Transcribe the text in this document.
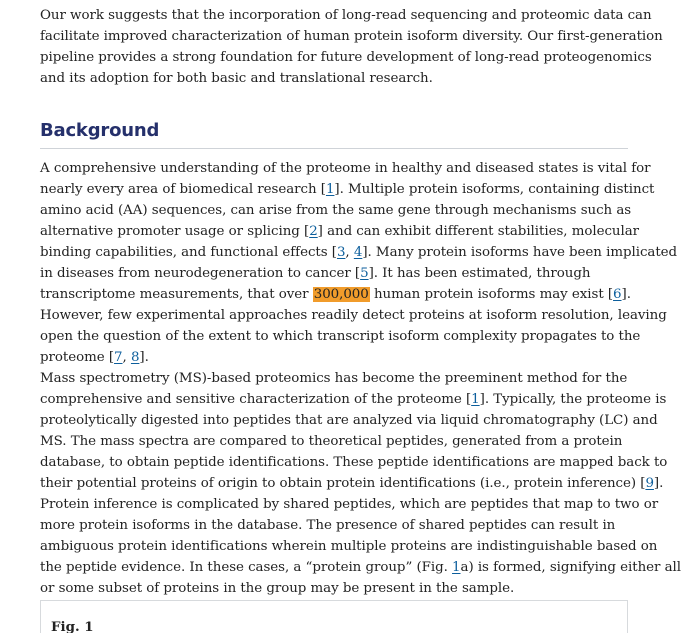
Our work suggests that the incorporation of long-read sequencing and proteomic data can
facilitate improved characterization of human protein isoform diversity. Our first-generation
pipeline provides a strong foundation for future development of long-read proteogenomics
and its adoption for both basic and translational research.

Background

A comprehensive understanding of the proteome in healthy and diseased states is vital for
nearly every area of biomedical research [1]. Multiple protein isoforms, containing distinct
amino acid (AA) sequences, can arise from the same gene through mechanisms such as
alternative promoter usage or splicing [2] and can exhibit different stabilities, molecular
binding capabilities, and functional effects [3, 4]. Many protein isoforms have been implicated
in diseases from neurodegeneration to cancer [5]. It has been estimated, through
transcriptome measurements, that over 300,000 human protein isoforms may exist [6].
However, few experimental approaches readily detect proteins at isoform resolution, leaving
open the question of the extent to which transcript isoform complexity propagates to the
proteome [7, 8].

Mass spectrometry (MS)-based proteomics has become the preeminent method for the
comprehensive and sensitive characterization of the proteome [1]. Typically, the proteome is
proteolytically digested into peptides that are analyzed via liquid chromatography (LC) and
MS. The mass spectra are compared to theoretical peptides, generated from a protein
database, to obtain peptide identifications. These peptide identifications are mapped back to
their potential proteins of origin to obtain protein identifications (i.e., protein inference) [9].
Protein inference is complicated by shared peptides, which are peptides that map to two or
more protein isoforms in the database. The presence of shared peptides can result in
ambiguous protein identifications wherein multiple proteins are indistinguishable based on
the peptide evidence. In these cases, a “protein group” (Fig. 1a) is formed, signifying either all
or some subset of proteins in the group may be present in the sample.

Fig. 1
